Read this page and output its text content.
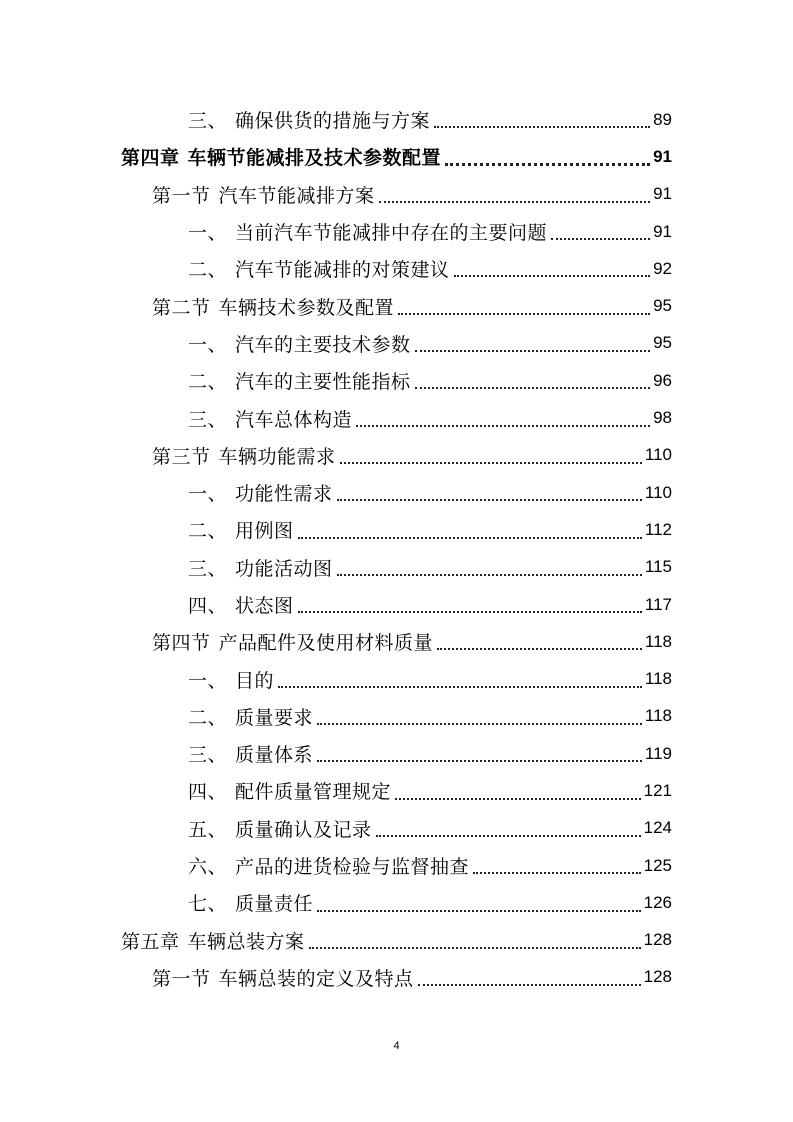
三、 确保供货的措施与方案	89
第四章 车辆节能减排及技术参数配置	91
第一节 汽车节能减排方案	91
一、 当前汽车节能减排中存在的主要问题	91
二、 汽车节能减排的对策建议	92
第二节 车辆技术参数及配置	95
一、 汽车的主要技术参数	95
二、 汽车的主要性能指标	96
三、 汽车总体构造	98
第三节 车辆功能需求	110
一、 功能性需求	110
二、 用例图	112
三、 功能活动图	115
四、 状态图	117
第四节 产品配件及使用材料质量	118
一、 目的	118
二、 质量要求	118
三、 质量体系	119
四、 配件质量管理规定	121
五、 质量确认及记录	124
六、 产品的进货检验与监督抽查	125
七、 质量责任	126
第五章 车辆总装方案	128
第一节 车辆总装的定义及特点	128
4
